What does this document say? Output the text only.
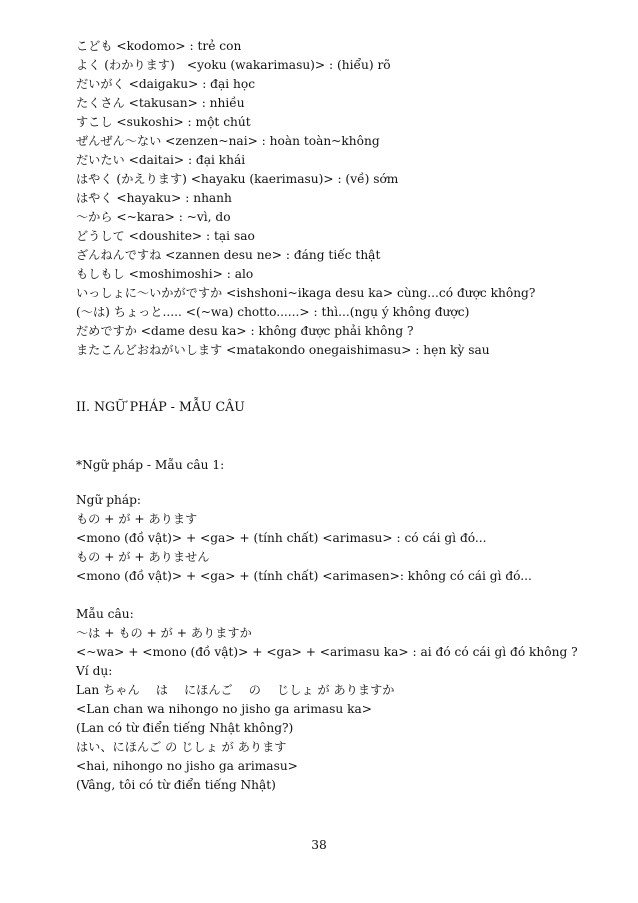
こども <kodomo> : trẻ con
よく (わかります)　<yoku (wakarimasu)> : (hiểu) rõ
だいがく <daigaku> : đại học
たくさん <takusan> : nhiều
すこし <sukoshi> : một chút
ぜんぜん～ない <zenzen~nai> : hoàn toàn~không
だいたい <daitai> : đại khái
はやく (かえります) <hayaku (kaerimasu)> : (về) sớm
はやく <hayaku> : nhanh
～から <~kara> : ~vì, do
どうして <doushite> : tại sao
ざんねんですね <zannen desu ne> : đáng tiếc thật
もしもし <moshimoshi> : alo
いっしょに～いかがですか <ishshoni~ikaga desu ka> cùng...có được không?
(～は) ちょっと..... <(~wa) chotto......> : thì...(ngụ ý không được)
だめですか <dame desu ka> : không được phải không ?
またこんどおねがいします <matakondo onegaishimasu> : hẹn kỳ sau
II. NGỮ PHÁP - MẪU CÂU
*Ngữ pháp - Mẫu câu 1:
Ngữ pháp:
もの + が + あります
<mono (đồ vật)> + <ga> + (tính chất) <arimasu> : có cái gì đó...
もの + が + ありません
<mono (đồ vật)> + <ga> + (tính chất) <arimasen>: không có cái gì đó...
Mẫu câu:
～は + もの + が + ありますか
<~wa> + <mono (đồ vật)> + <ga> + <arimasu ka> : ai đó có cái gì đó không ?
Ví dụ:
Lan ちゃん　 は　 にほんご　 の　 じしょ が ありますか
<Lan chan wa nihongo no jisho ga arimasu ka>
(Lan có từ điển tiếng Nhật không?)
はい、にほんご の じしょ が あります
<hai, nihongo no jisho ga arimasu>
(Vâng, tôi có từ điển tiếng Nhật)
38
